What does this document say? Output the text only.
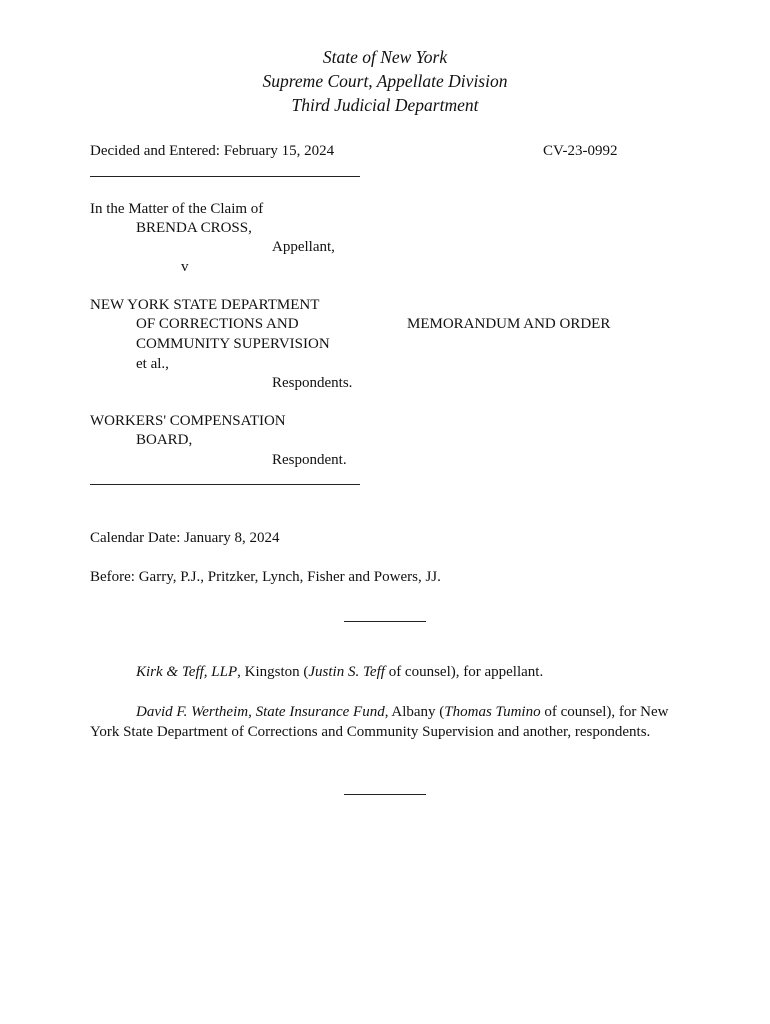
State of New York
Supreme Court, Appellate Division
Third Judicial Department
Decided and Entered: February 15, 2024	CV-23-0992
In the Matter of the Claim of
BRENDA CROSS,
Appellant,
v
NEW YORK STATE DEPARTMENT
OF CORRECTIONS AND
COMMUNITY SUPERVISION
et al.,
Respondents.
WORKERS' COMPENSATION
BOARD,
Respondent.
MEMORANDUM AND ORDER
Calendar Date: January 8, 2024
Before: Garry, P.J., Pritzker, Lynch, Fisher and Powers, JJ.
Kirk & Teff, LLP, Kingston (Justin S. Teff of counsel), for appellant.
David F. Wertheim, State Insurance Fund, Albany (Thomas Tumino of counsel), for New York State Department of Corrections and Community Supervision and another, respondents.
